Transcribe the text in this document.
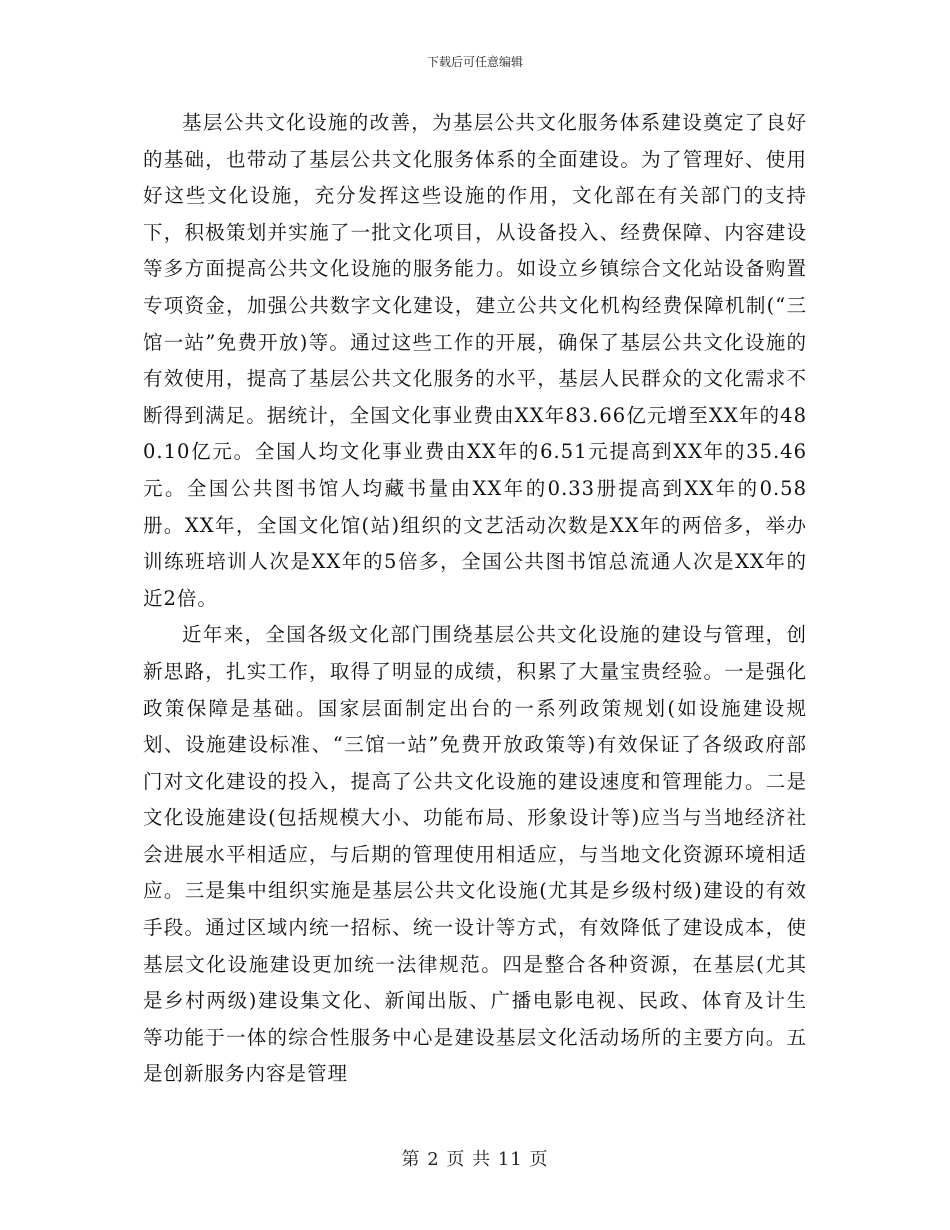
下载后可任意编辑

基层公共文化设施的改善，为基层公共文化服务体系建设奠定了良好的基础，也带动了基层公共文化服务体系的全面建设。为了管理好、使用好这些文化设施，充分发挥这些设施的作用，文化部在有关部门的支持下，积极策划并实施了一批文化项目，从设备投入、经费保障、内容建设等多方面提高公共文化设施的服务能力。如设立乡镇综合文化站设备购置专项资金，加强公共数字文化建设，建立公共文化机构经费保障机制(“三馆一站”免费开放)等。通过这些工作的开展，确保了基层公共文化设施的有效使用，提高了基层公共文化服务的水平，基层人民群众的文化需求不断得到满足。据统计，全国文化事业费由XX年83.66亿元增至XX年的480.10亿元。全国人均文化事业费由XX年的6.51元提高到XX年的35.46元。全国公共图书馆人均藏书量由XX年的0.33册提高到XX年的0.58册。XX年，全国文化馆(站)组织的文艺活动次数是XX年的两倍多，举办训练班培训人次是XX年的5倍多，全国公共图书馆总流通人次是XX年的近2倍。

近年来，全国各级文化部门围绕基层公共文化设施的建设与管理，创新思路，扎实工作，取得了明显的成绩，积累了大量宝贵经验。一是强化政策保障是基础。国家层面制定出台的一系列政策规划(如设施建设规划、设施建设标准、“三馆一站”免费开放政策等)有效保证了各级政府部门对文化建设的投入，提高了公共文化设施的建设速度和管理能力。二是文化设施建设(包括规模大小、功能布局、形象设计等)应当与当地经济社会进展水平相适应，与后期的管理使用相适应，与当地文化资源环境相适应。三是集中组织实施是基层公共文化设施(尤其是乡级村级)建设的有效手段。通过区域内统一招标、统一设计等方式，有效降低了建设成本，使基层文化设施建设更加统一法律规范。四是整合各种资源，在基层(尤其是乡村两级)建设集文化、新闻出版、广播电影电视、民政、体育及计生等功能于一体的综合性服务中心是建设基层文化活动场所的主要方向。五是创新服务内容是管理

第 2 页 共 11 页
